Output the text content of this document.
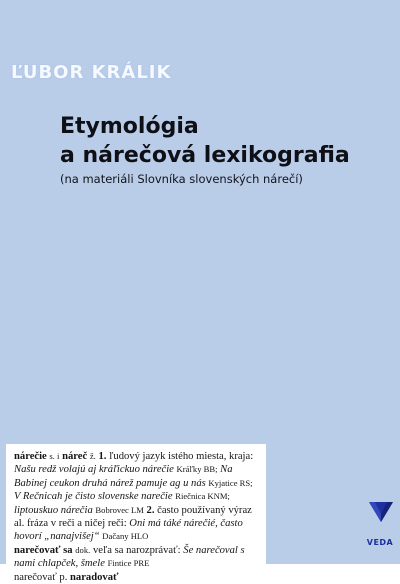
ĽUBOR KRÁLIK
Etymológia
a nárečová lexikografia

(na materiáli Slovníka slovenských nárečí)

nárečie s. i náreč ž. 1. ľudový jazyk istého miesta, kraja: Našu redž volajú aj kráľickuo nárečie Kráľky BB; Na Babinej ceukon druhá nárež pamuje ag u nás Kyjatice RS; V Rečnicah je čisto slovenske narečie Riečnica KNM; liptouskuo nárečia Bobrovec LM 2. často používaný výraz al. fráza v reči a ničej reči: Oni má táké nárečié, často hovorí „nanajvišej“ Dačany HLO
narečovať sa dok. veľa sa narozprávať: Še narečoval s nami chlapček, šmele Fintice PRE
narečovať p. naradovať

VEDA
